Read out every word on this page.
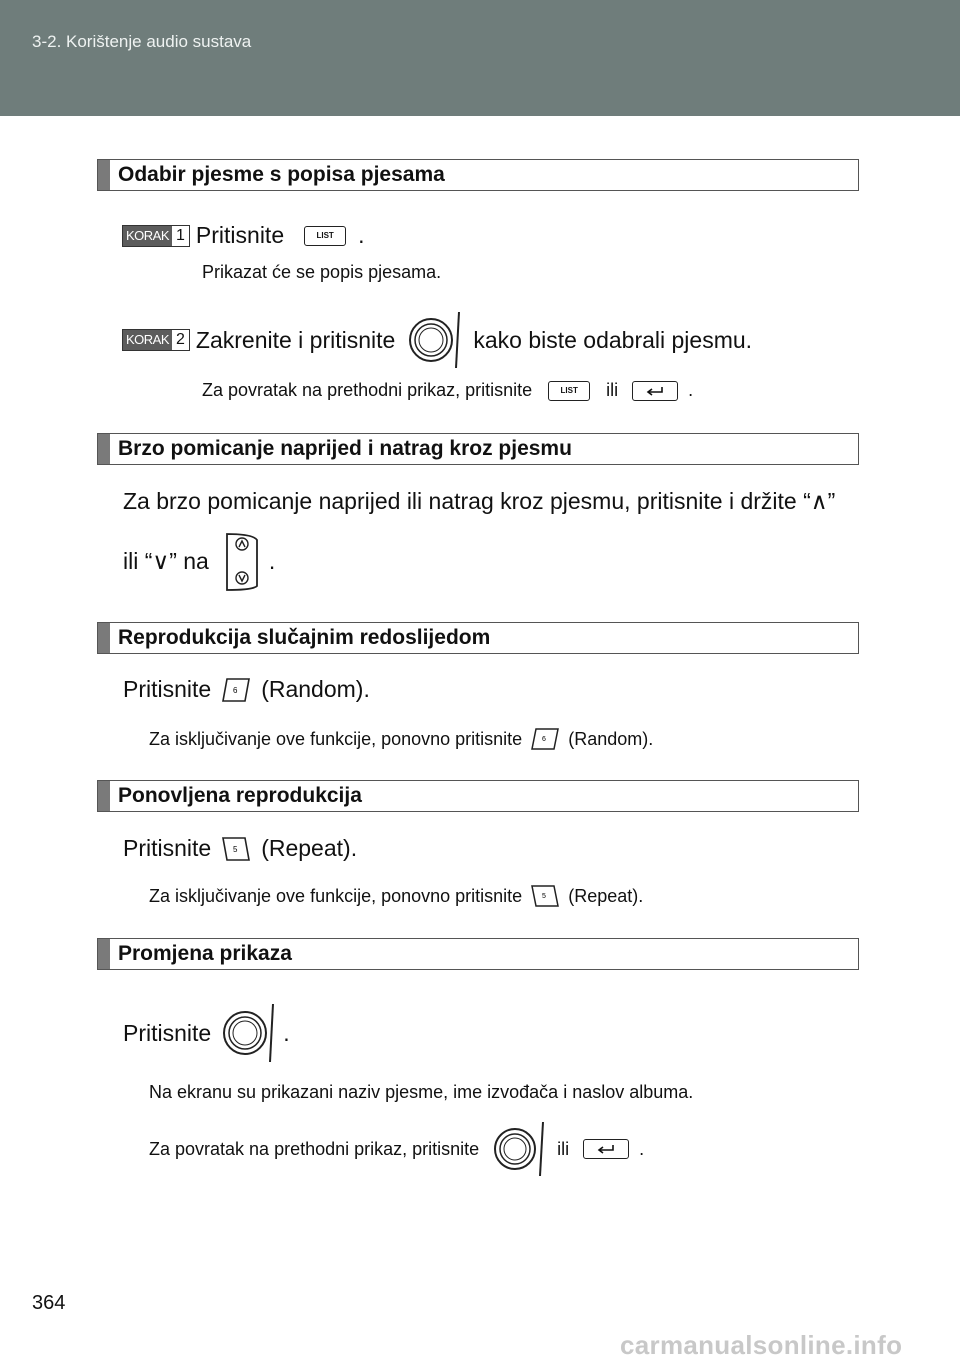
3-2. Korištenje audio sustava
Odabir pjesme s popisa pjesama
KORAK 1 Pritisnite	LIST	.
Prikazat će se popis pjesama.
KORAK 2 Zakrenite i pritisnite	kako biste odabrali pjesmu.
Za povratak na prethodni prikaz, pritisnite	LIST	ili	.
Brzo pomicanje naprijed i natrag kroz pjesmu
Za brzo pomicanje naprijed ili natrag kroz pjesmu, pritisnite i držite “∧”
ili “∨” na	.
Reprodukcija slučajnim redoslijedom
Pritisnite	6 (Random).
Za isključivanje ove funkcije, ponovno pritisnite	6 (Random).
Ponovljena reprodukcija
Pritisnite	5 (Repeat).
Za isključivanje ove funkcije, ponovno pritisnite	5 (Repeat).
Promjena prikaza
Pritisnite	.
Na ekranu su prikazani naziv pjesme, ime izvođača i naslov albuma.
Za povratak na prethodni prikaz, pritisnite	ili	.
364
carmanualsonline.info
